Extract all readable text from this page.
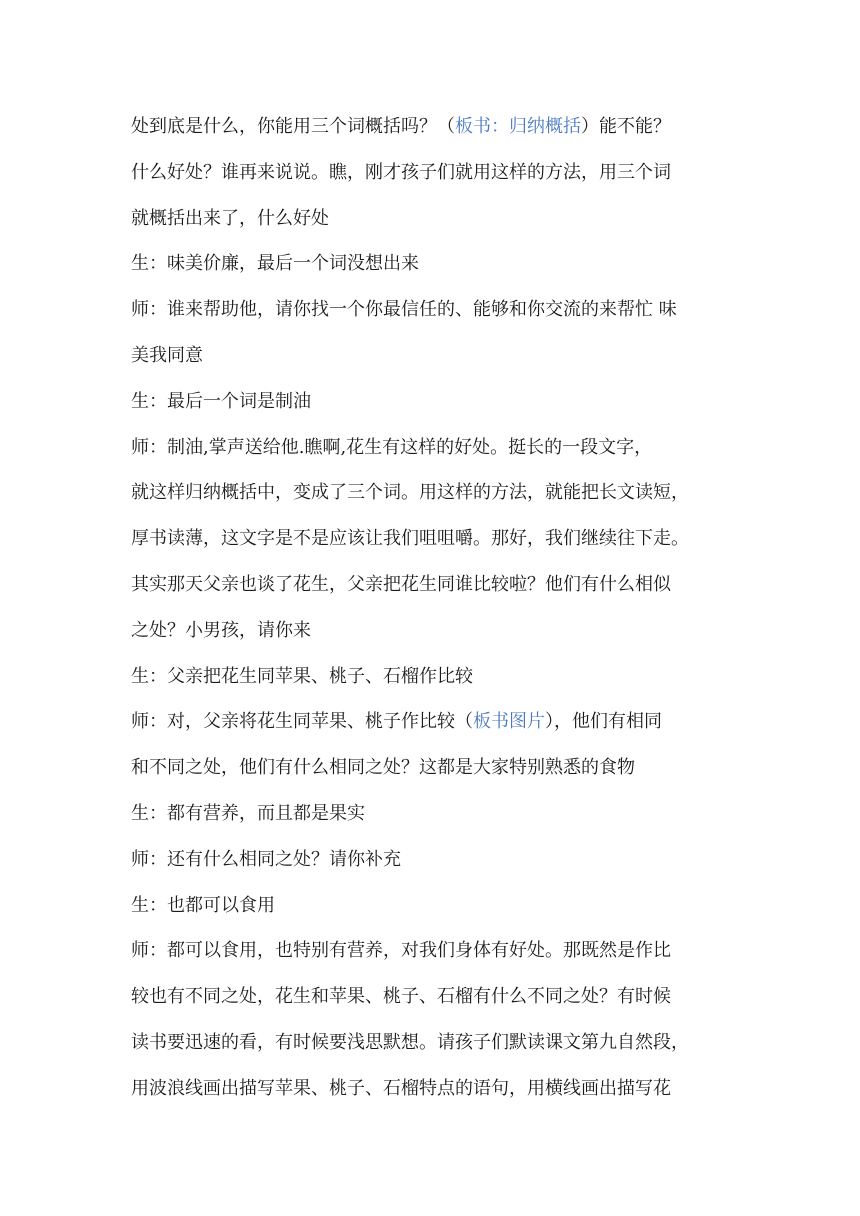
处到底是什么，你能用三个词概括吗？（板书：归纳概括）能不能？
什么好处？谁再来说说。瞧，刚才孩子们就用这样的方法，用三个词
就概括出来了，什么好处
生：味美价廉，最后一个词没想出来
师：谁来帮助他，请你找一个你最信任的、能够和你交流的来帮忙 味
美我同意
生：最后一个词是制油
师：制油,掌声送给他.瞧啊,花生有这样的好处。挺长的一段文字，
就这样归纳概括中，变成了三个词。用这样的方法，就能把长文读短，
厚书读薄，这文字是不是应该让我们咀咀嚼。那好，我们继续往下走。
其实那天父亲也谈了花生，父亲把花生同谁比较啦？他们有什么相似
之处？小男孩，请你来
生：父亲把花生同苹果、桃子、石榴作比较
师：对，父亲将花生同苹果、桃子作比较（板书图片），他们有相同
和不同之处，他们有什么相同之处？这都是大家特别熟悉的食物
生：都有营养，而且都是果实
师：还有什么相同之处？请你补充
生：也都可以食用
师：都可以食用，也特别有营养，对我们身体有好处。那既然是作比
较也有不同之处，花生和苹果、桃子、石榴有什么不同之处？有时候
读书要迅速的看，有时候要浅思默想。请孩子们默读课文第九自然段，
用波浪线画出描写苹果、桃子、石榴特点的语句，用横线画出描写花
